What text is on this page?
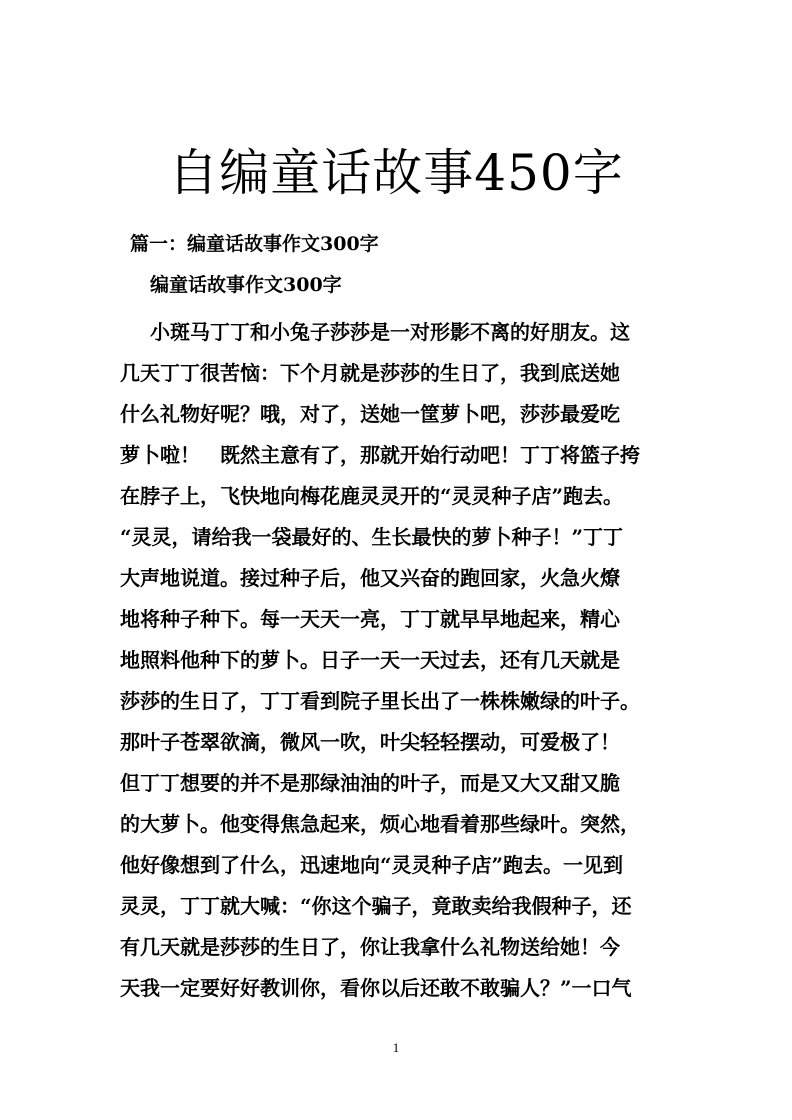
自编童话故事450字

篇一：编童话故事作文300字

编童话故事作文300字

小斑马丁丁和小兔子莎莎是一对形影不离的好朋友。这

几天丁丁很苦恼：下个月就是莎莎的生日了，我到底送她

什么礼物好呢？哦，对了，送她一筐萝卜吧，莎莎最爱吃

萝卜啦！　既然主意有了，那就开始行动吧！丁丁将篮子挎

在脖子上，飞快地向梅花鹿灵灵开的“灵灵种子店”跑去。

“灵灵，请给我一袋最好的、生长最快的萝卜种子！”丁丁

大声地说道。接过种子后，他又兴奋的跑回家，火急火燎

地将种子种下。每一天天一亮，丁丁就早早地起来，精心

地照料他种下的萝卜。日子一天一天过去，还有几天就是

莎莎的生日了，丁丁看到院子里长出了一株株嫩绿的叶子。

那叶子苍翠欲滴，微风一吹，叶尖轻轻摆动，可爱极了！

但丁丁想要的并不是那绿油油的叶子，而是又大又甜又脆

的大萝卜。他变得焦急起来，烦心地看着那些绿叶。突然，

他好像想到了什么，迅速地向“灵灵种子店”跑去。一见到

灵灵，丁丁就大喊：“你这个骗子，竟敢卖给我假种子，还

有几天就是莎莎的生日了，你让我拿什么礼物送给她！今

天我一定要好好教训你，看你以后还敢不敢骗人？”一口气

1
